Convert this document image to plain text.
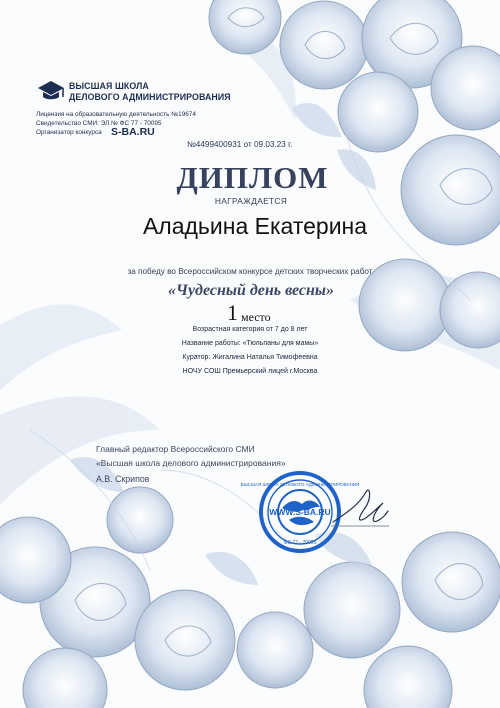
ВЫСШАЯ ШКОЛА
ДЕЛОВОГО АДМИНИСТРИРОВАНИЯ
Лицензия на образовательную деятельность №19674
Свидетельство СМИ: ЭЛ № ФС 77 - 70095
Организатор конкурса S-BA.RU
№4499400931 от 09.03.23 г.
ДИПЛОМ
НАГРАЖДАЕТСЯ
Аладьина Екатерина
за победу во Всероссийском конкурсе детских творческих работ
«Чудесный день весны»
1 место
Возрастная категория от 7 до 8 лет
Название работы: «Тюльпаны для мамы»
Куратор: Жигалина Наталья Тимофеевна
НОЧУ СОШ Премьерский лицей г.Москва
Главный редактор Всероссийского СМИ
«Высшая школа делового администрирования»
А.В. Скрипов
WWW.S-BA.RU
ВЫСШАЯ ШКОЛА ДЕЛОВОГО АДМИНИСТРИРОВАНИЯ
ФС 77 - 70095
